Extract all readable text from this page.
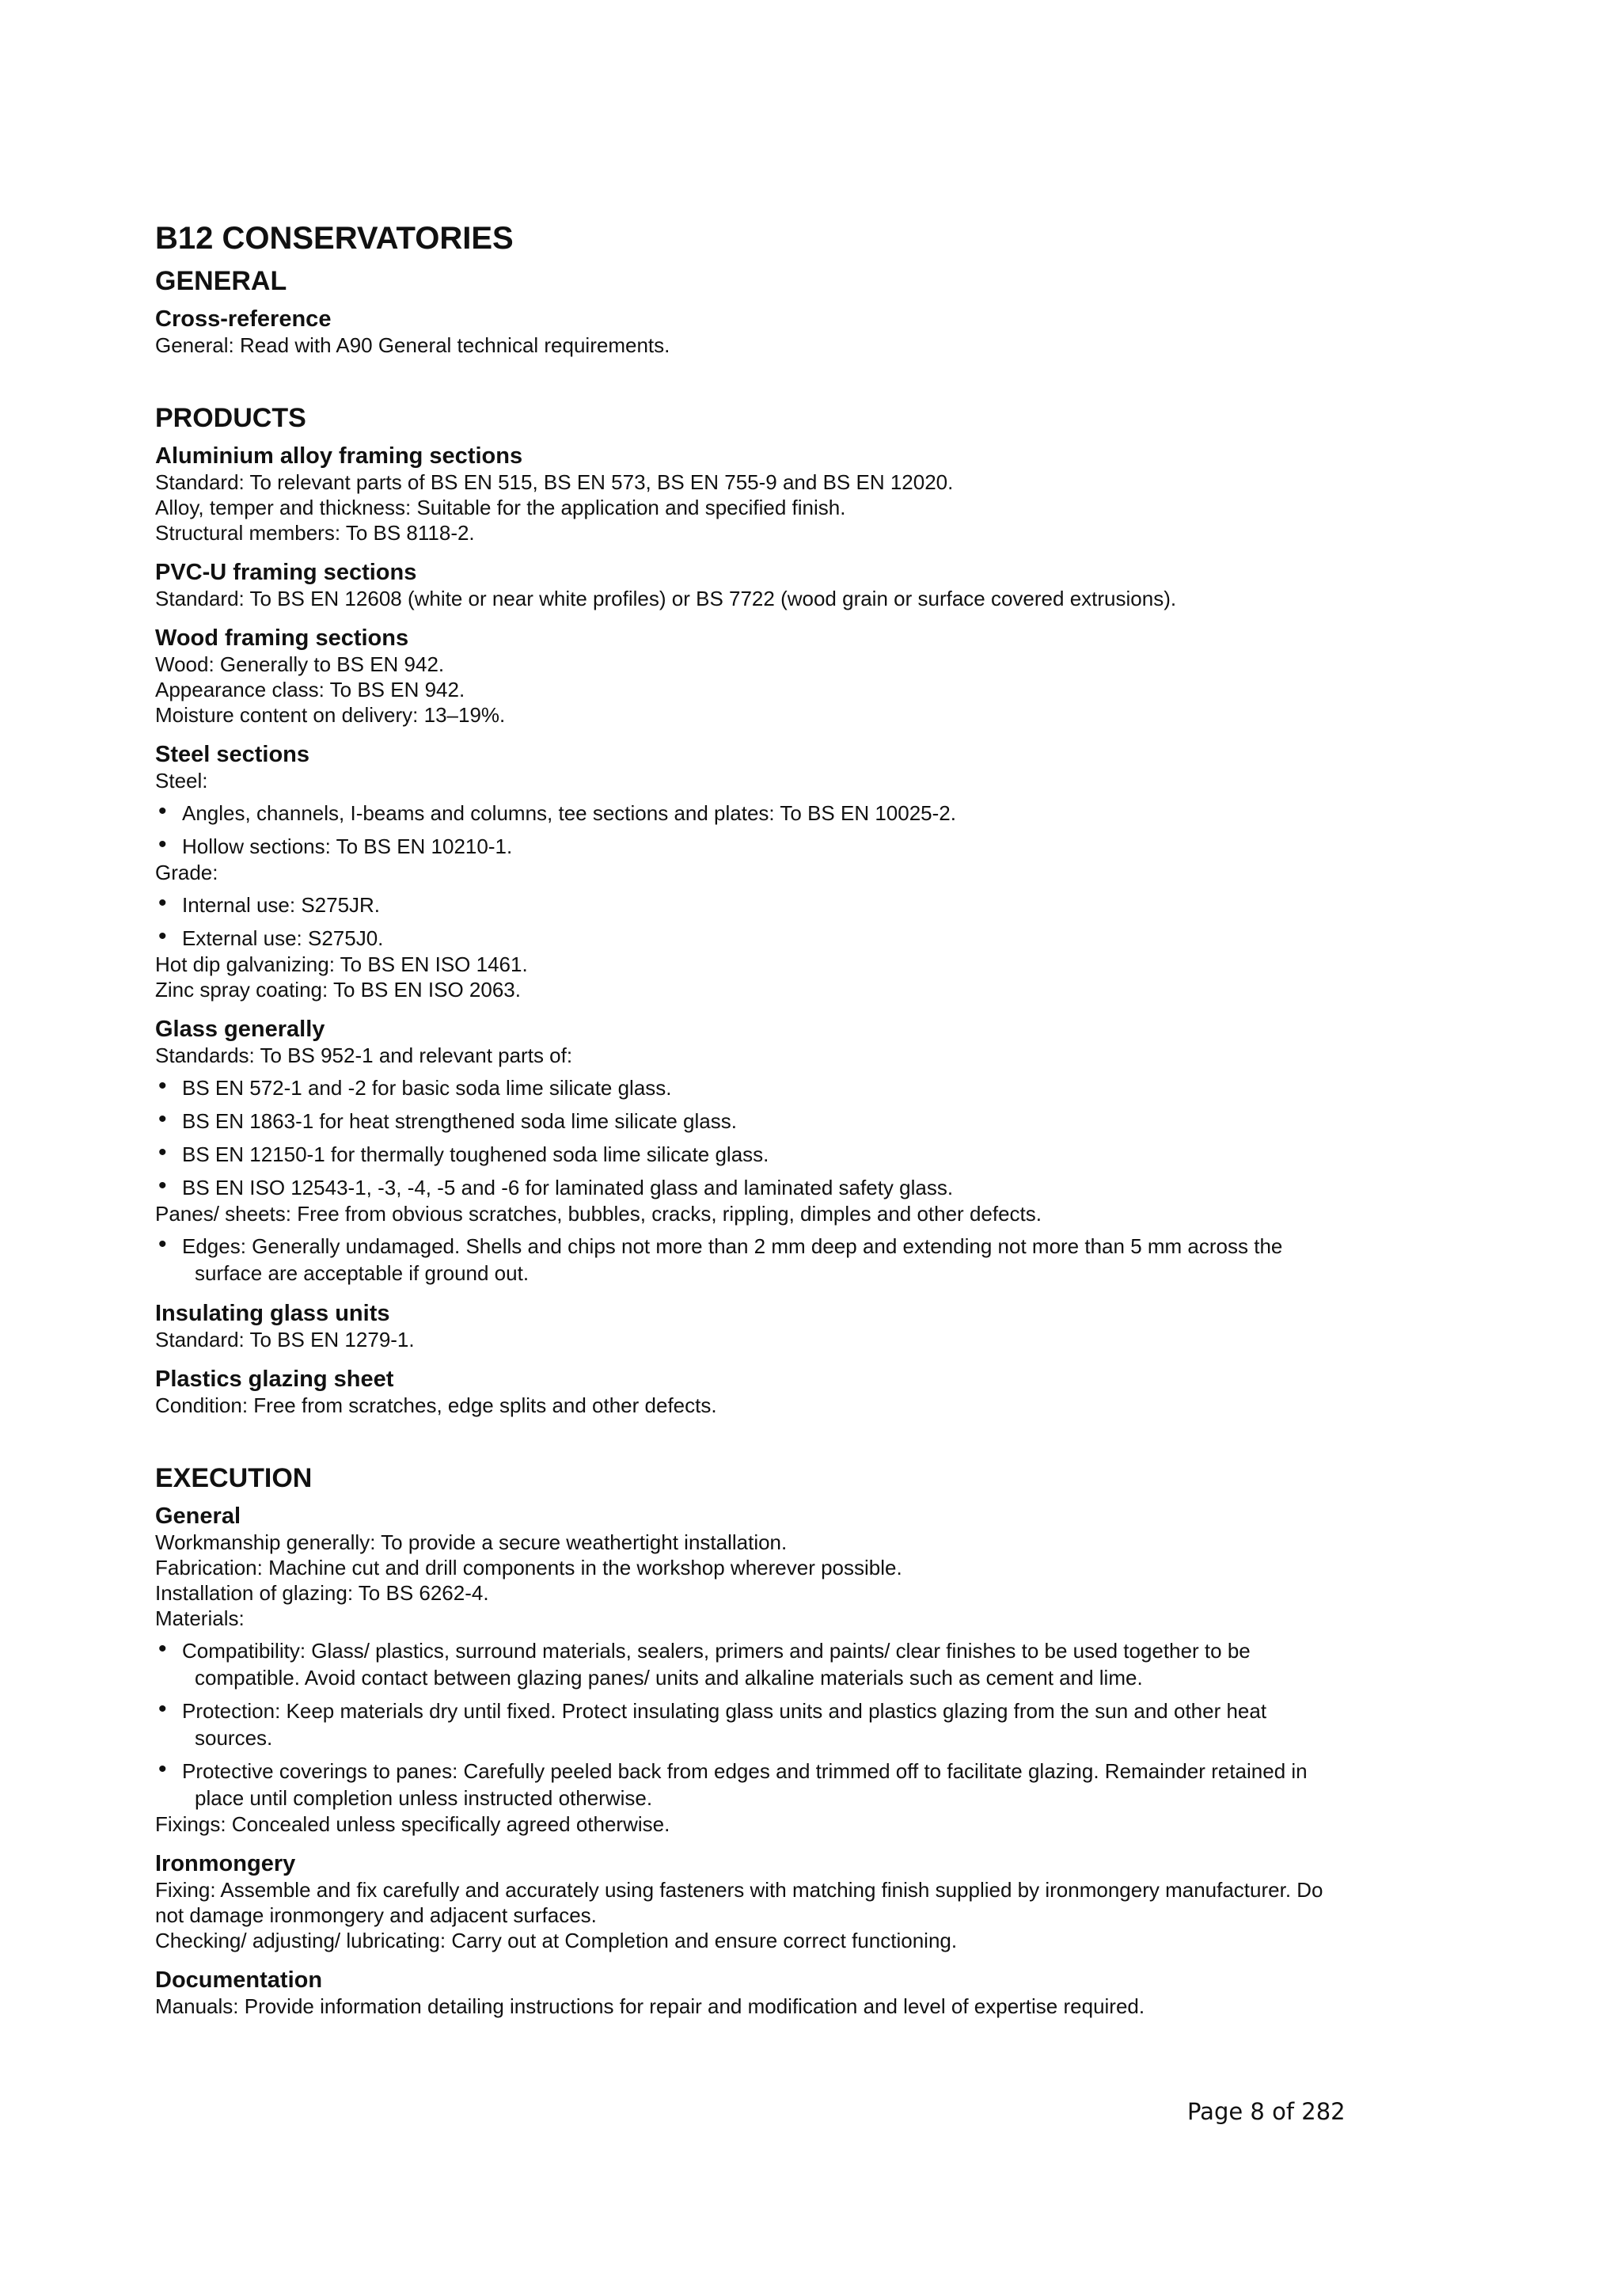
B12 CONSERVATORIES
GENERAL

Cross-reference

General: Read with A90 General technical requirements.

PRODUCTS

Aluminium alloy framing sections

Standard: To relevant parts of BS EN 515, BS EN 573, BS EN 755-9 and BS EN 12020.

Alloy, temper and thickness: Suitable for the application and specified finish.

Structural members: To BS 8118-2.

PVC-U framing sections

Standard: To BS EN 12608 (white or near white profiles) or BS 7722 (wood grain or surface covered extrusions).

Wood framing sections

Wood: Generally to BS EN 942.

Appearance class: To BS EN 942.

Moisture content on delivery: 13–19%.

Steel sections

Steel:

• Angles, channels, I-beams and columns, tee sections and plates: To BS EN 10025-2.
• Hollow sections: To BS EN 10210-1.

Grade:

• Internal use: S275JR.
• External use: S275J0.

Hot dip galvanizing: To BS EN ISO 1461.

Zinc spray coating: To BS EN ISO 2063.

Glass generally

Standards: To BS 952-1 and relevant parts of:

• BS EN 572-1 and -2 for basic soda lime silicate glass.
• BS EN 1863-1 for heat strengthened soda lime silicate glass.
• BS EN 12150-1 for thermally toughened soda lime silicate glass.
• BS EN ISO 12543-1, -3, -4, -5 and -6 for laminated glass and laminated safety glass.

Panes/ sheets: Free from obvious scratches, bubbles, cracks, rippling, dimples and other defects.

• Edges: Generally undamaged. Shells and chips not more than 2 mm deep and extending not more than 5 mm across the
surface are acceptable if ground out.

Insulating glass units

Standard: To BS EN 1279-1.

Plastics glazing sheet

Condition: Free from scratches, edge splits and other defects.

EXECUTION

General

Workmanship generally: To provide a secure weathertight installation.

Fabrication: Machine cut and drill components in the workshop wherever possible.

Installation of glazing: To BS 6262-4.

Materials:

• Compatibility: Glass/ plastics, surround materials, sealers, primers and paints/ clear finishes to be used together to be
compatible. Avoid contact between glazing panes/ units and alkaline materials such as cement and lime.
• Protection: Keep materials dry until fixed. Protect insulating glass units and plastics glazing from the sun and other heat
sources.
• Protective coverings to panes: Carefully peeled back from edges and trimmed off to facilitate glazing. Remainder retained in
place until completion unless instructed otherwise.

Fixings: Concealed unless specifically agreed otherwise.

Ironmongery

Fixing: Assemble and fix carefully and accurately using fasteners with matching finish supplied by ironmongery manufacturer. Do

not damage ironmongery and adjacent surfaces.

Checking/ adjusting/ lubricating: Carry out at Completion and ensure correct functioning.

Documentation

Manuals: Provide information detailing instructions for repair and modification and level of expertise required.

Page 8 of 282
